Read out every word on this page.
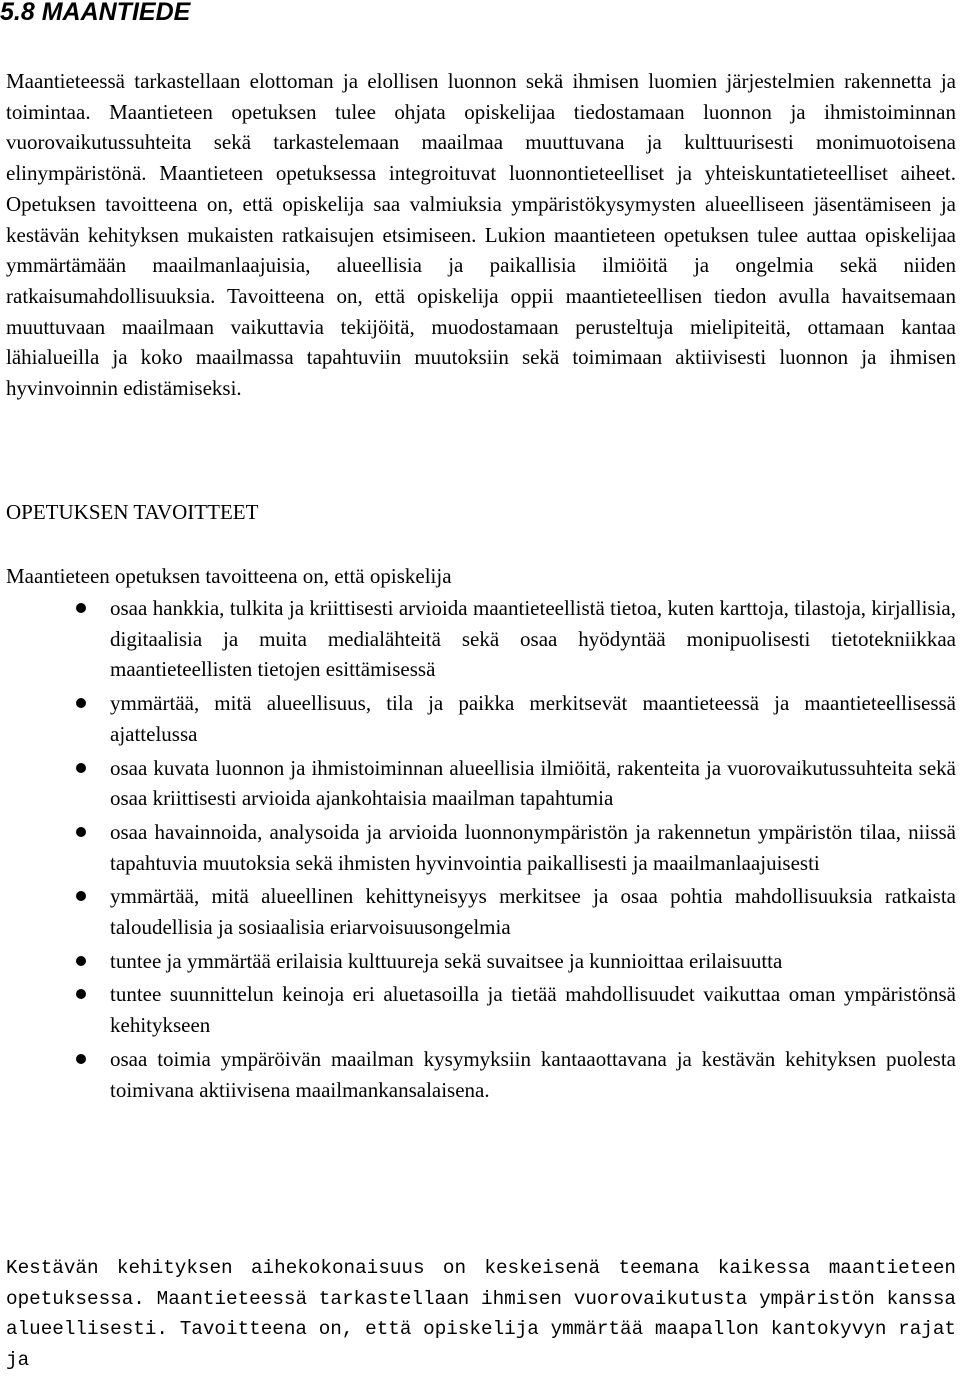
5.8 MAANTIEDE

Maantieteessä tarkastellaan elottoman ja elollisen luonnon sekä ihmisen luomien järjestelmien rakennetta ja toimintaa. Maantieteen opetuksen tulee ohjata opiskelijaa tiedostamaan luonnon ja ihmistoiminnan vuorovaikutussuhteita sekä tarkastelemaan maailmaa muuttuvana ja kulttuurisesti monimuotoisena elinympäristönä. Maantieteen opetuksessa integroituvat luonnontieteelliset ja yhteiskuntatieteelliset aiheet. Opetuksen tavoitteena on, että opiskelija saa valmiuksia ympäristökysymysten alueelliseen jäsentämiseen ja kestävän kehityksen mukaisten ratkaisujen etsimiseen. Lukion maantieteen opetuksen tulee auttaa opiskelijaa ymmärtämään maailmanlaajuisia, alueellisia ja paikallisia ilmiöitä ja ongelmia sekä niiden ratkaisumahdollisuuksia. Tavoitteena on, että opiskelija oppii maantieteellisen tiedon avulla havaitsemaan muuttuvaan maailmaan vaikuttavia tekijöitä, muodostamaan perusteltuja mielipiteitä, ottamaan kantaa lähialueilla ja koko maailmassa tapahtuviin muutoksiin sekä toimimaan aktiivisesti luonnon ja ihmisen hyvinvoinnin edistämiseksi.

OPETUKSEN TAVOITTEET

Maantieteen opetuksen tavoitteena on, että opiskelija

osaa hankkia, tulkita ja kriittisesti arvioida maantieteellistä tietoa, kuten karttoja, tilastoja, kirjallisia, digitaalisia ja muita medialähteitä sekä osaa hyödyntää monipuolisesti tietotekniikkaa maantieteellisten tietojen esittämisessä

ymmärtää, mitä alueellisuus, tila ja paikka merkitsevät maantieteessä ja maantieteellisessä ajattelussa

osaa kuvata luonnon ja ihmistoiminnan alueellisia ilmiöitä, rakenteita ja vuorovaikutussuhteita sekä osaa kriittisesti arvioida ajankohtaisia maailman tapahtumia

osaa havainnoida, analysoida ja arvioida luonnonympäristön ja rakennetun ympäristön tilaa, niissä tapahtuvia muutoksia sekä ihmisten hyvinvointia paikallisesti ja maailmanlaajuisesti

ymmärtää, mitä alueellinen kehittyneisyys merkitsee ja osaa pohtia mahdollisuuksia ratkaista taloudellisia ja sosiaalisia eriarvoisuusongelmia

tuntee ja ymmärtää erilaisia kulttuureja sekä suvaitsee ja kunnioittaa erilaisuutta

tuntee suunnittelun keinoja eri aluetasoilla ja tietää mahdollisuudet vaikuttaa oman ympäristönsä kehitykseen

osaa toimia ympäröivän maailman kysymyksiin kantaaottavana ja kestävän kehityksen puolesta toimivana aktiivisena maailmankansalaisena.

Kestävän kehityksen aihekokonaisuus on keskeisenä teemana kaikessa maantieteen opetuksessa. Maantieteessä tarkastellaan ihmisen vuorovaikutusta ympäristön kanssa alueellisesti. Tavoitteena on, että opiskelija ymmärtää maapallon kantokyvyn rajat ja
